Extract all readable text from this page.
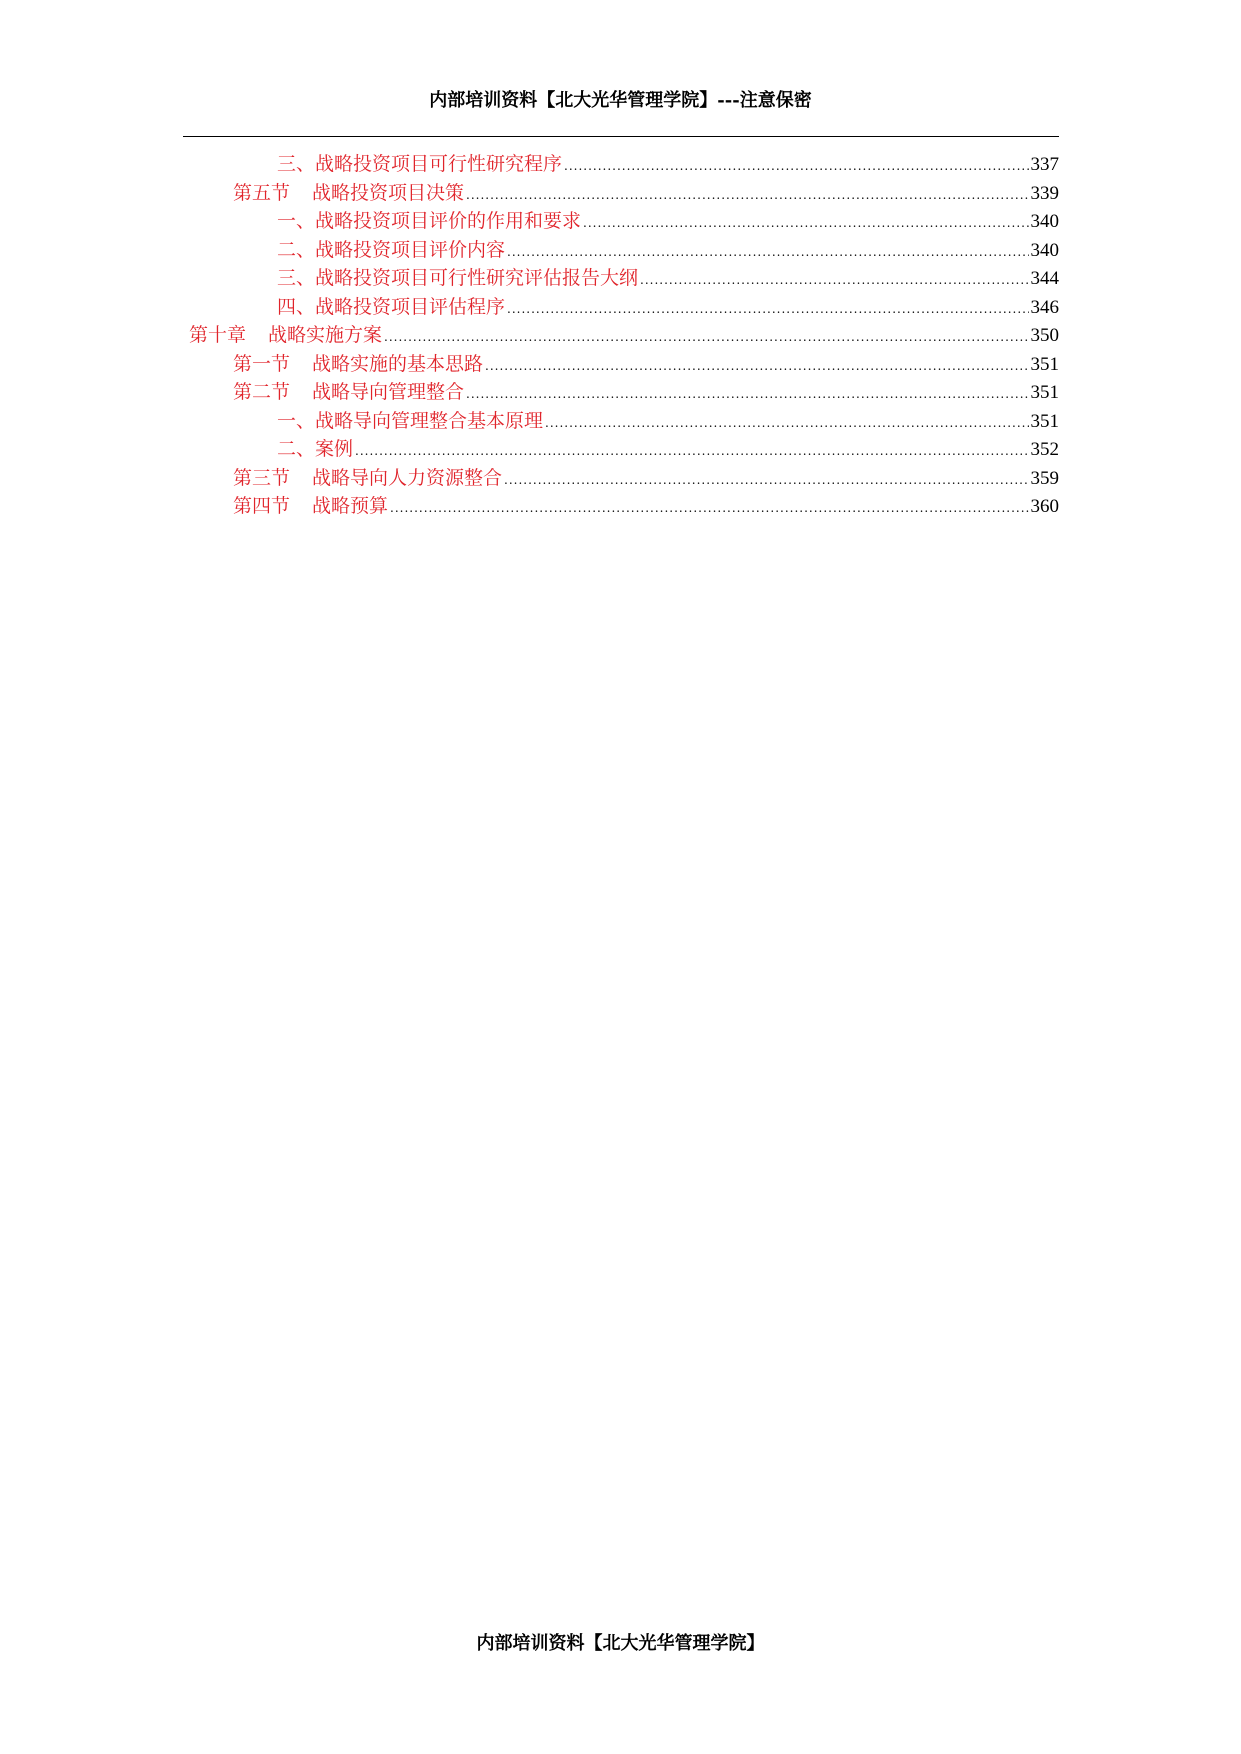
内部培训资料【北大光华管理学院】---注意保密
三、战略投资项目可行性研究程序 .....	337
第五节 战略投资项目决策 .....	339
一、战略投资项目评价的作用和要求 .....	340
二、战略投资项目评价内容 .....	340
三、战略投资项目可行性研究评估报告大纲 .....	344
四、战略投资项目评估程序 .....	346
第十章 战略实施方案 .....	350
第一节 战略实施的基本思路 .....	351
第二节 战略导向管理整合 .....	351
一、战略导向管理整合基本原理 .....	351
二、案例 .....	352
第三节 战略导向人力资源整合 .....	359
第四节 战略预算 .....	360
内部培训资料【北大光华管理学院】
